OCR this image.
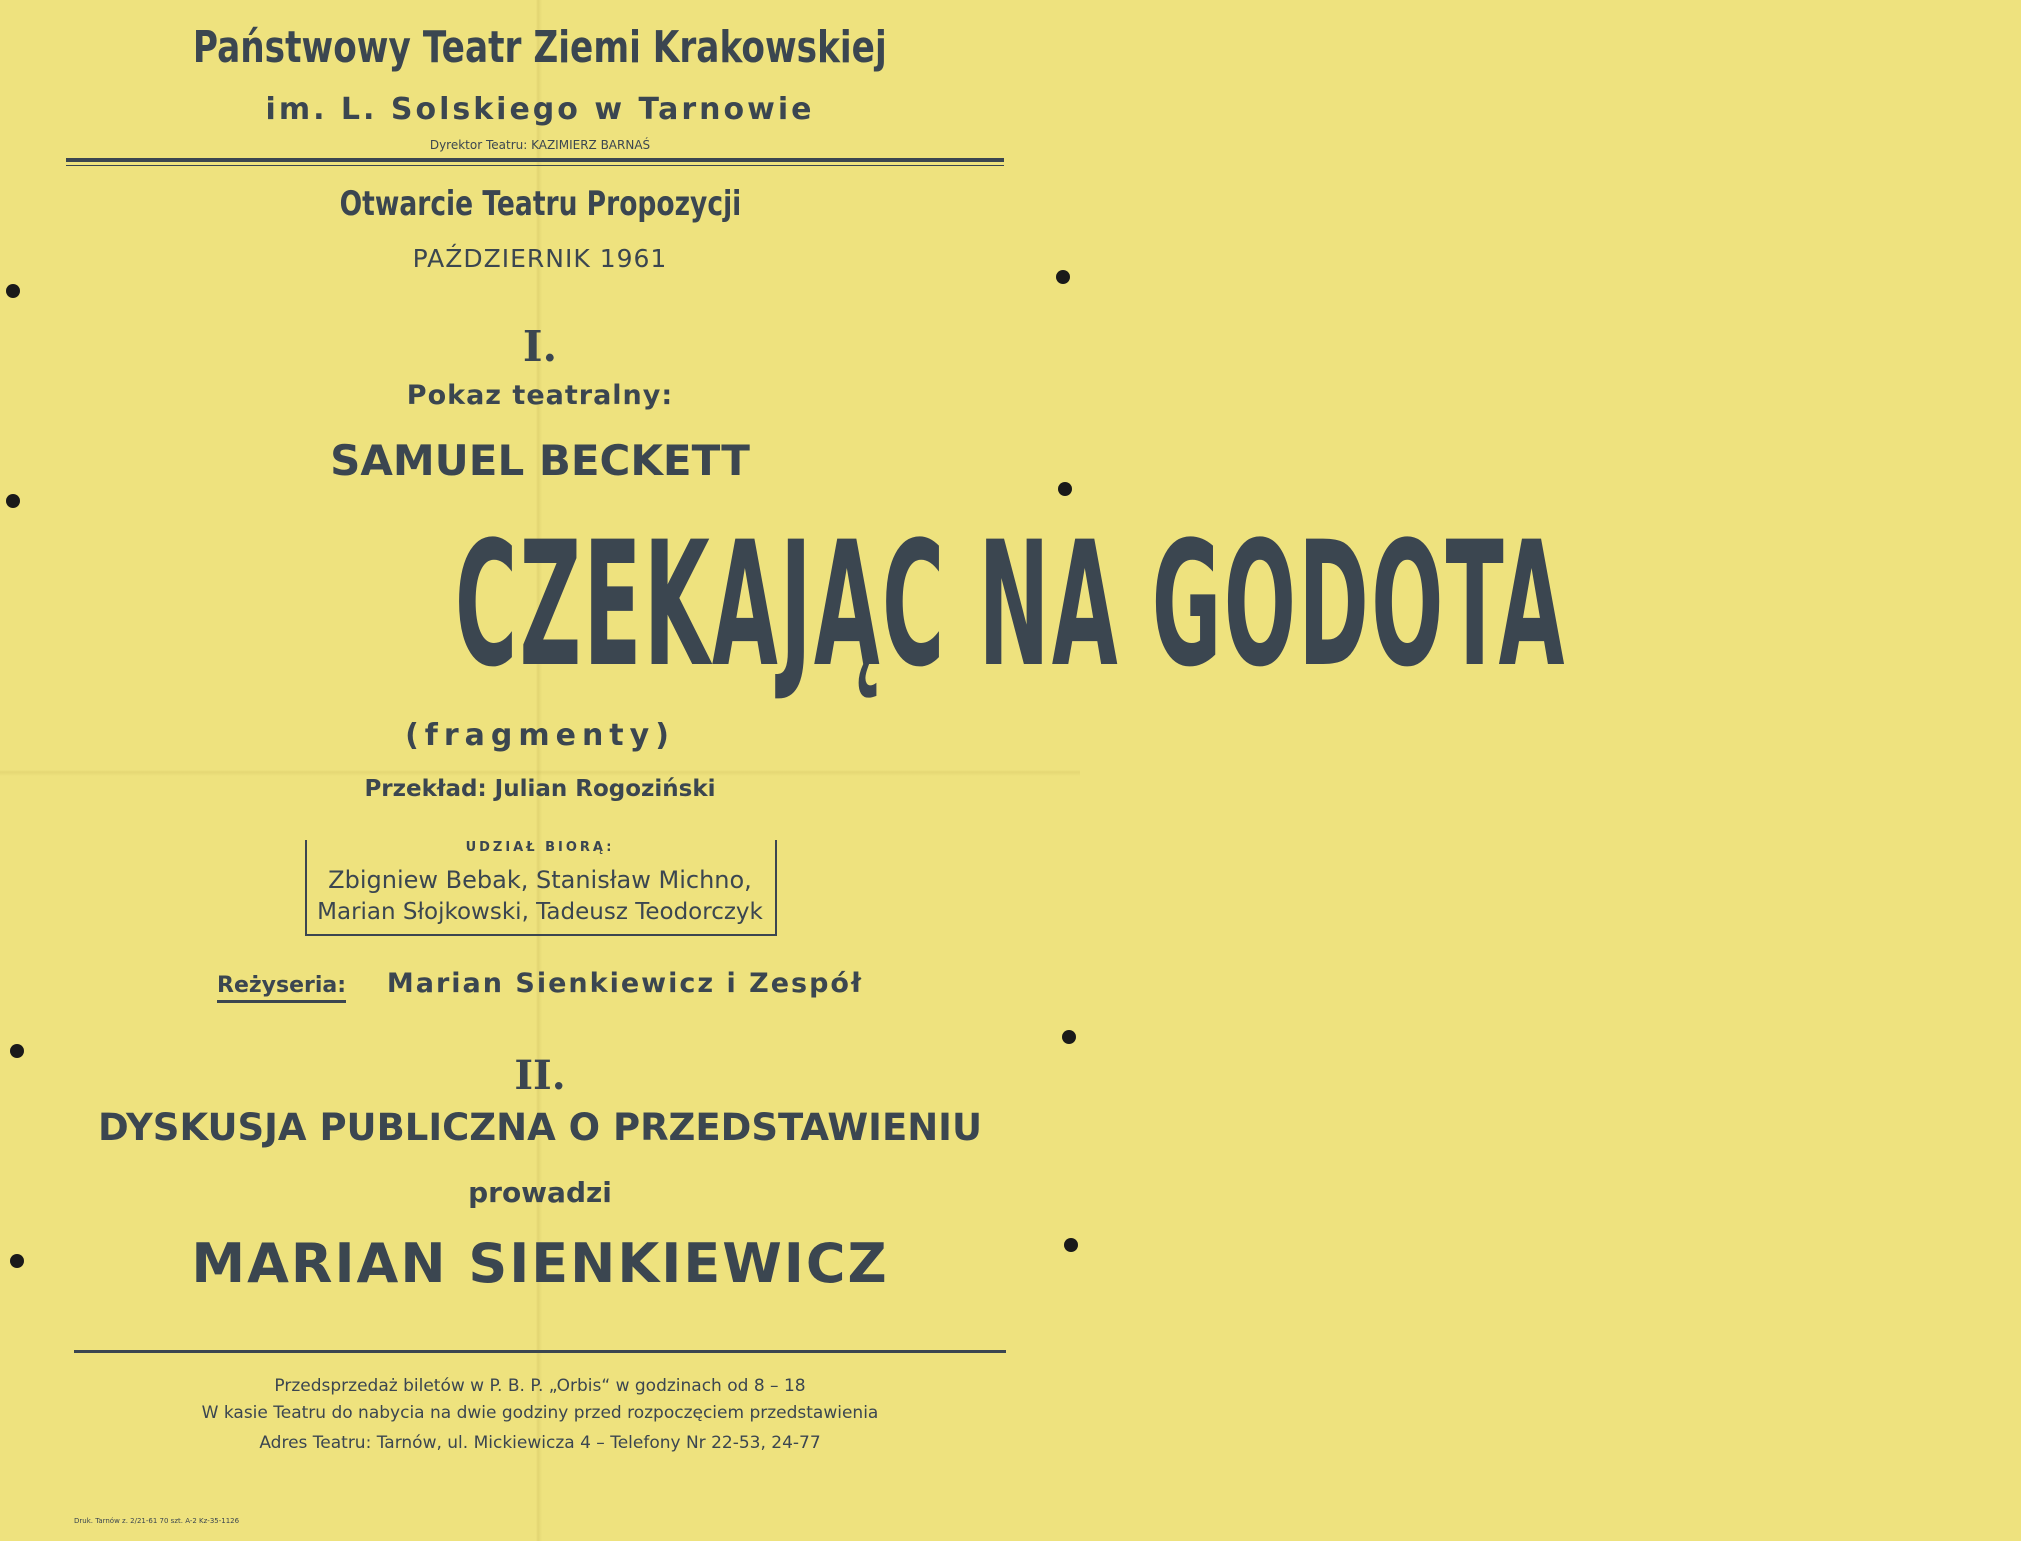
Państwowy Teatr Ziemi Krakowskiej
im. L. Solskiego w Tarnowie
Dyrektor Teatru: KAZIMIERZ BARNAŚ
Otwarcie Teatru Propozycji
PAŹDZIERNIK 1961
I.
Pokaz teatralny:
SAMUEL BECKETT
CZEKAJĄC NA GODOTA
(fragmenty)
Przekład: Julian Rogoziński
UDZIAŁ BIORĄ:
Zbigniew Bebak, Stanisław Michno,
Marian Słojkowski, Tadeusz Teodorczyk
Reżyseria: Marian Sienkiewicz i Zespół
II.
DYSKUSJA PUBLICZNA O PRZEDSTAWIENIU
prowadzi
MARIAN SIENKIEWICZ
Przedsprzedaż biletów w P. B. P. „Orbis“ w godzinach od 8 – 18
W kasie Teatru do nabycia na dwie godziny przed rozpoczęciem przedstawienia
Adres Teatru: Tarnów, ul. Mickiewicza 4 – Telefony Nr 22-53, 24-77
Druk. Tarnów z. 2/21-61 70 szt. A-2 Kz-35-1126
